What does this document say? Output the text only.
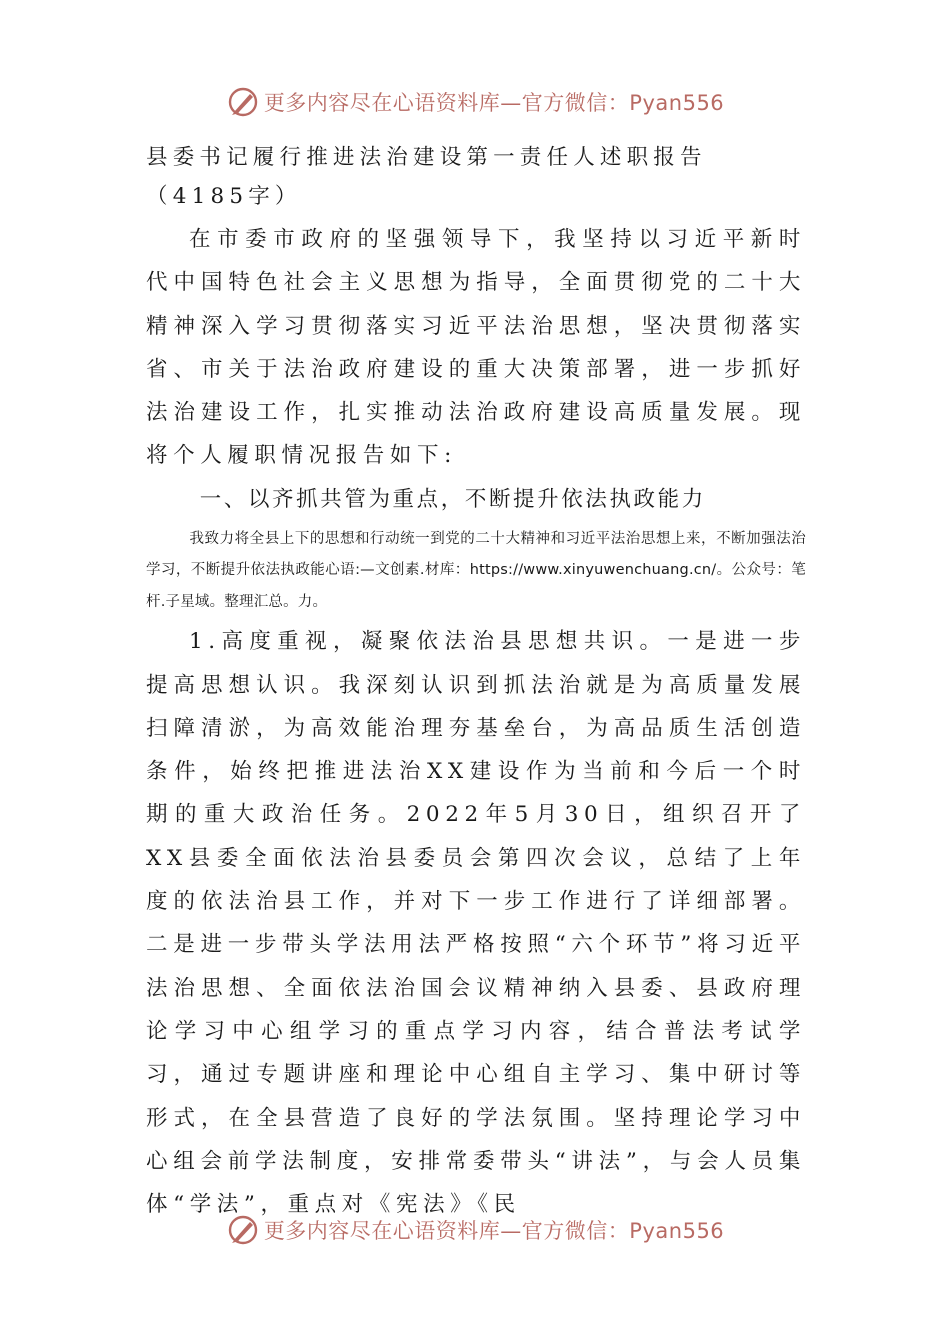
更多内容尽在心语资料库—官方微信：Pyan556
县委书记履行推进法治建设第一责任人述职报告（4185字）

在市委市政府的坚强领导下，我坚持以习近平新时代中国特色社会主义思想为指导，全面贯彻党的二十大精神深入学习贯彻落实习近平法治思想，坚决贯彻落实省、市关于法治政府建设的重大决策部署，进一步抓好法治建设工作，扎实推动法治政府建设高质量发展。现将个人履职情况报告如下:

一、以齐抓共管为重点，不断提升依法执政能力

我致力将全县上下的思想和行动统一到党的二十大精神和习近平法治思想上来，不断加强法治学习，不断提升依法执政能心语:—文创素.材库：https://www.xinyuwenchuang.cn/。公众号：笔杆.子星域。整理汇总。力。

1.高度重视，凝聚依法治县思想共识。一是进一步提高思想认识。我深刻认识到抓法治就是为高质量发展扫障清淤，为高效能治理夯基垒台，为高品质生活创造条件，始终把推进法治XX建设作为当前和今后一个时期的重大政治任务。2022年5月30日，组织召开了XX县委全面依法治县委员会第四次会议，总结了上年度的依法治县工作，并对下一步工作进行了详细部署。二是进一步带头学法用法严格按照“六个环节”将习近平法治思想、全面依法治国会议精神纳入县委、县政府理论学习中心组学习的重点学习内容，结合普法考试学习，通过专题讲座和理论中心组自主学习、集中研讨等形式，在全县营造了良好的学法氛围。坚持理论学习中心组会前学法制度，安排常委带头“讲法”，与会人员集体“学法”，重点对《宪法》《民

更多内容尽在心语资料库—官方微信：Pyan556
